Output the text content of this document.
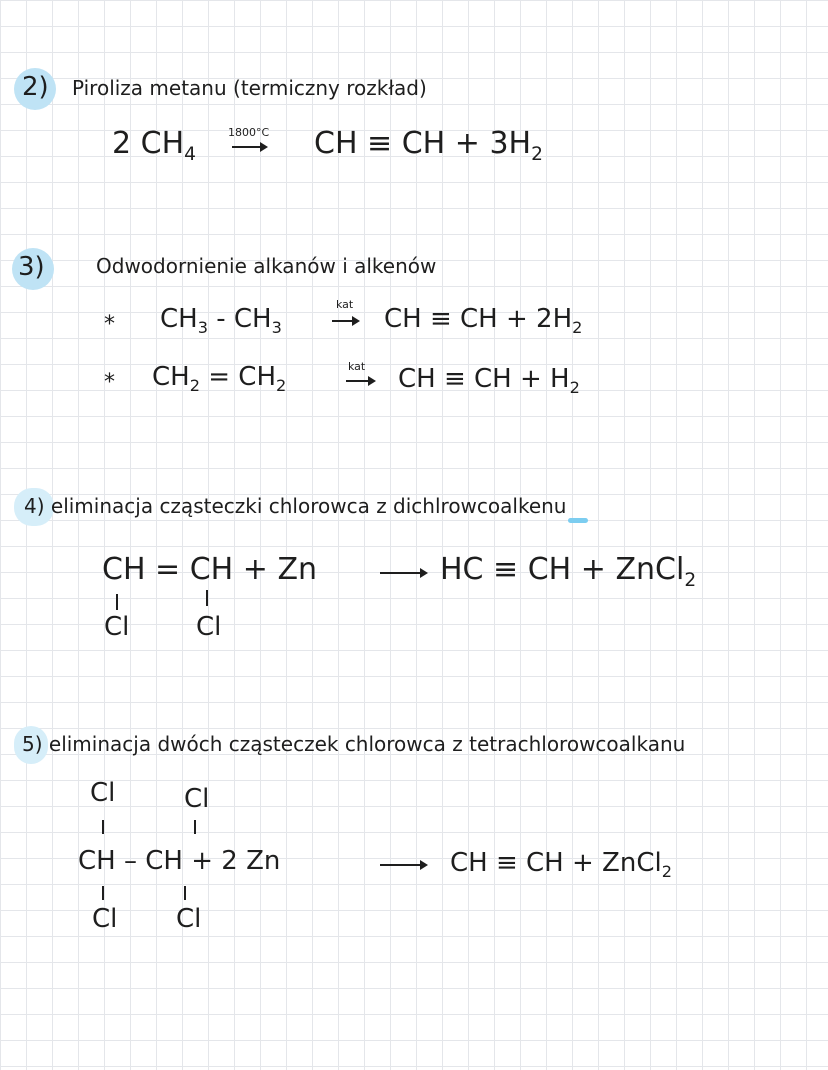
2) Piroliza metanu (termiczny rozkład)
2 $CH_4$
1800°C CH ≡ CH + $3H_2$
3)	Odwodornienie alkanów i alkenów
* $CH_3 - CH_3$
kat CH ≡ CH + $2H_2$
* $CH_2 = CH_2$
kat → CH ≡ CH + $H_2$
4) eliminacja cząsteczki chlorowca z dichlrowcoalkenu
CH = CH + Zn
Cl	Cl
→ HC ≡ CH + ZnCl$_2$
5) eliminacja dwóch cząsteczek chlorowca z tetrachlorowcoalkanu
Cl	Cl
CH – CH + 2 Zn
Cl Cl
→ CH ≡ CH + ZnCl$_2$
